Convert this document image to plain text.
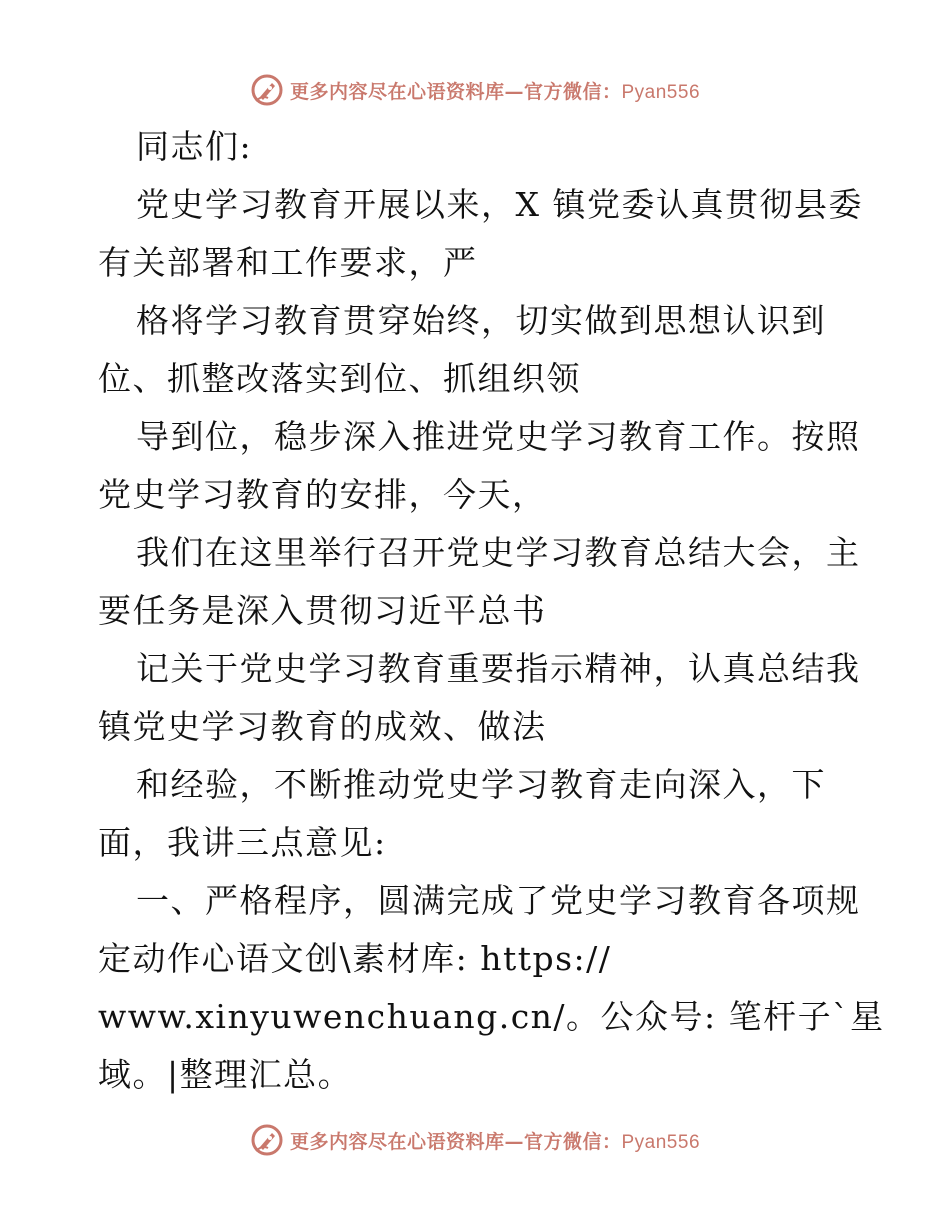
更多内容尽在心语资料库—官方微信：Pyan556
同志们:
党史学习教育开展以来，X 镇党委认真贯彻县委
有关部署和工作要求，严
格将学习教育贯穿始终，切实做到思想认识到
位、抓整改落实到位、抓组织领
导到位，稳步深入推进党史学习教育工作。按照
党史学习教育的安排，今天，
我们在这里举行召开党史学习教育总结大会，主
要任务是深入贯彻习近平总书
记关于党史学习教育重要指示精神，认真总结我
镇党史学习教育的成效、做法
和经验，不断推动党史学习教育走向深入，下
面，我讲三点意见:
一、严格程序，圆满完成了党史学习教育各项规
定动作心语文创\素材库: https://
www.xinyuwenchuang.cn/。公众号: 笔杆子`星
域。|整理汇总。
更多内容尽在心语资料库—官方微信：Pyan556
